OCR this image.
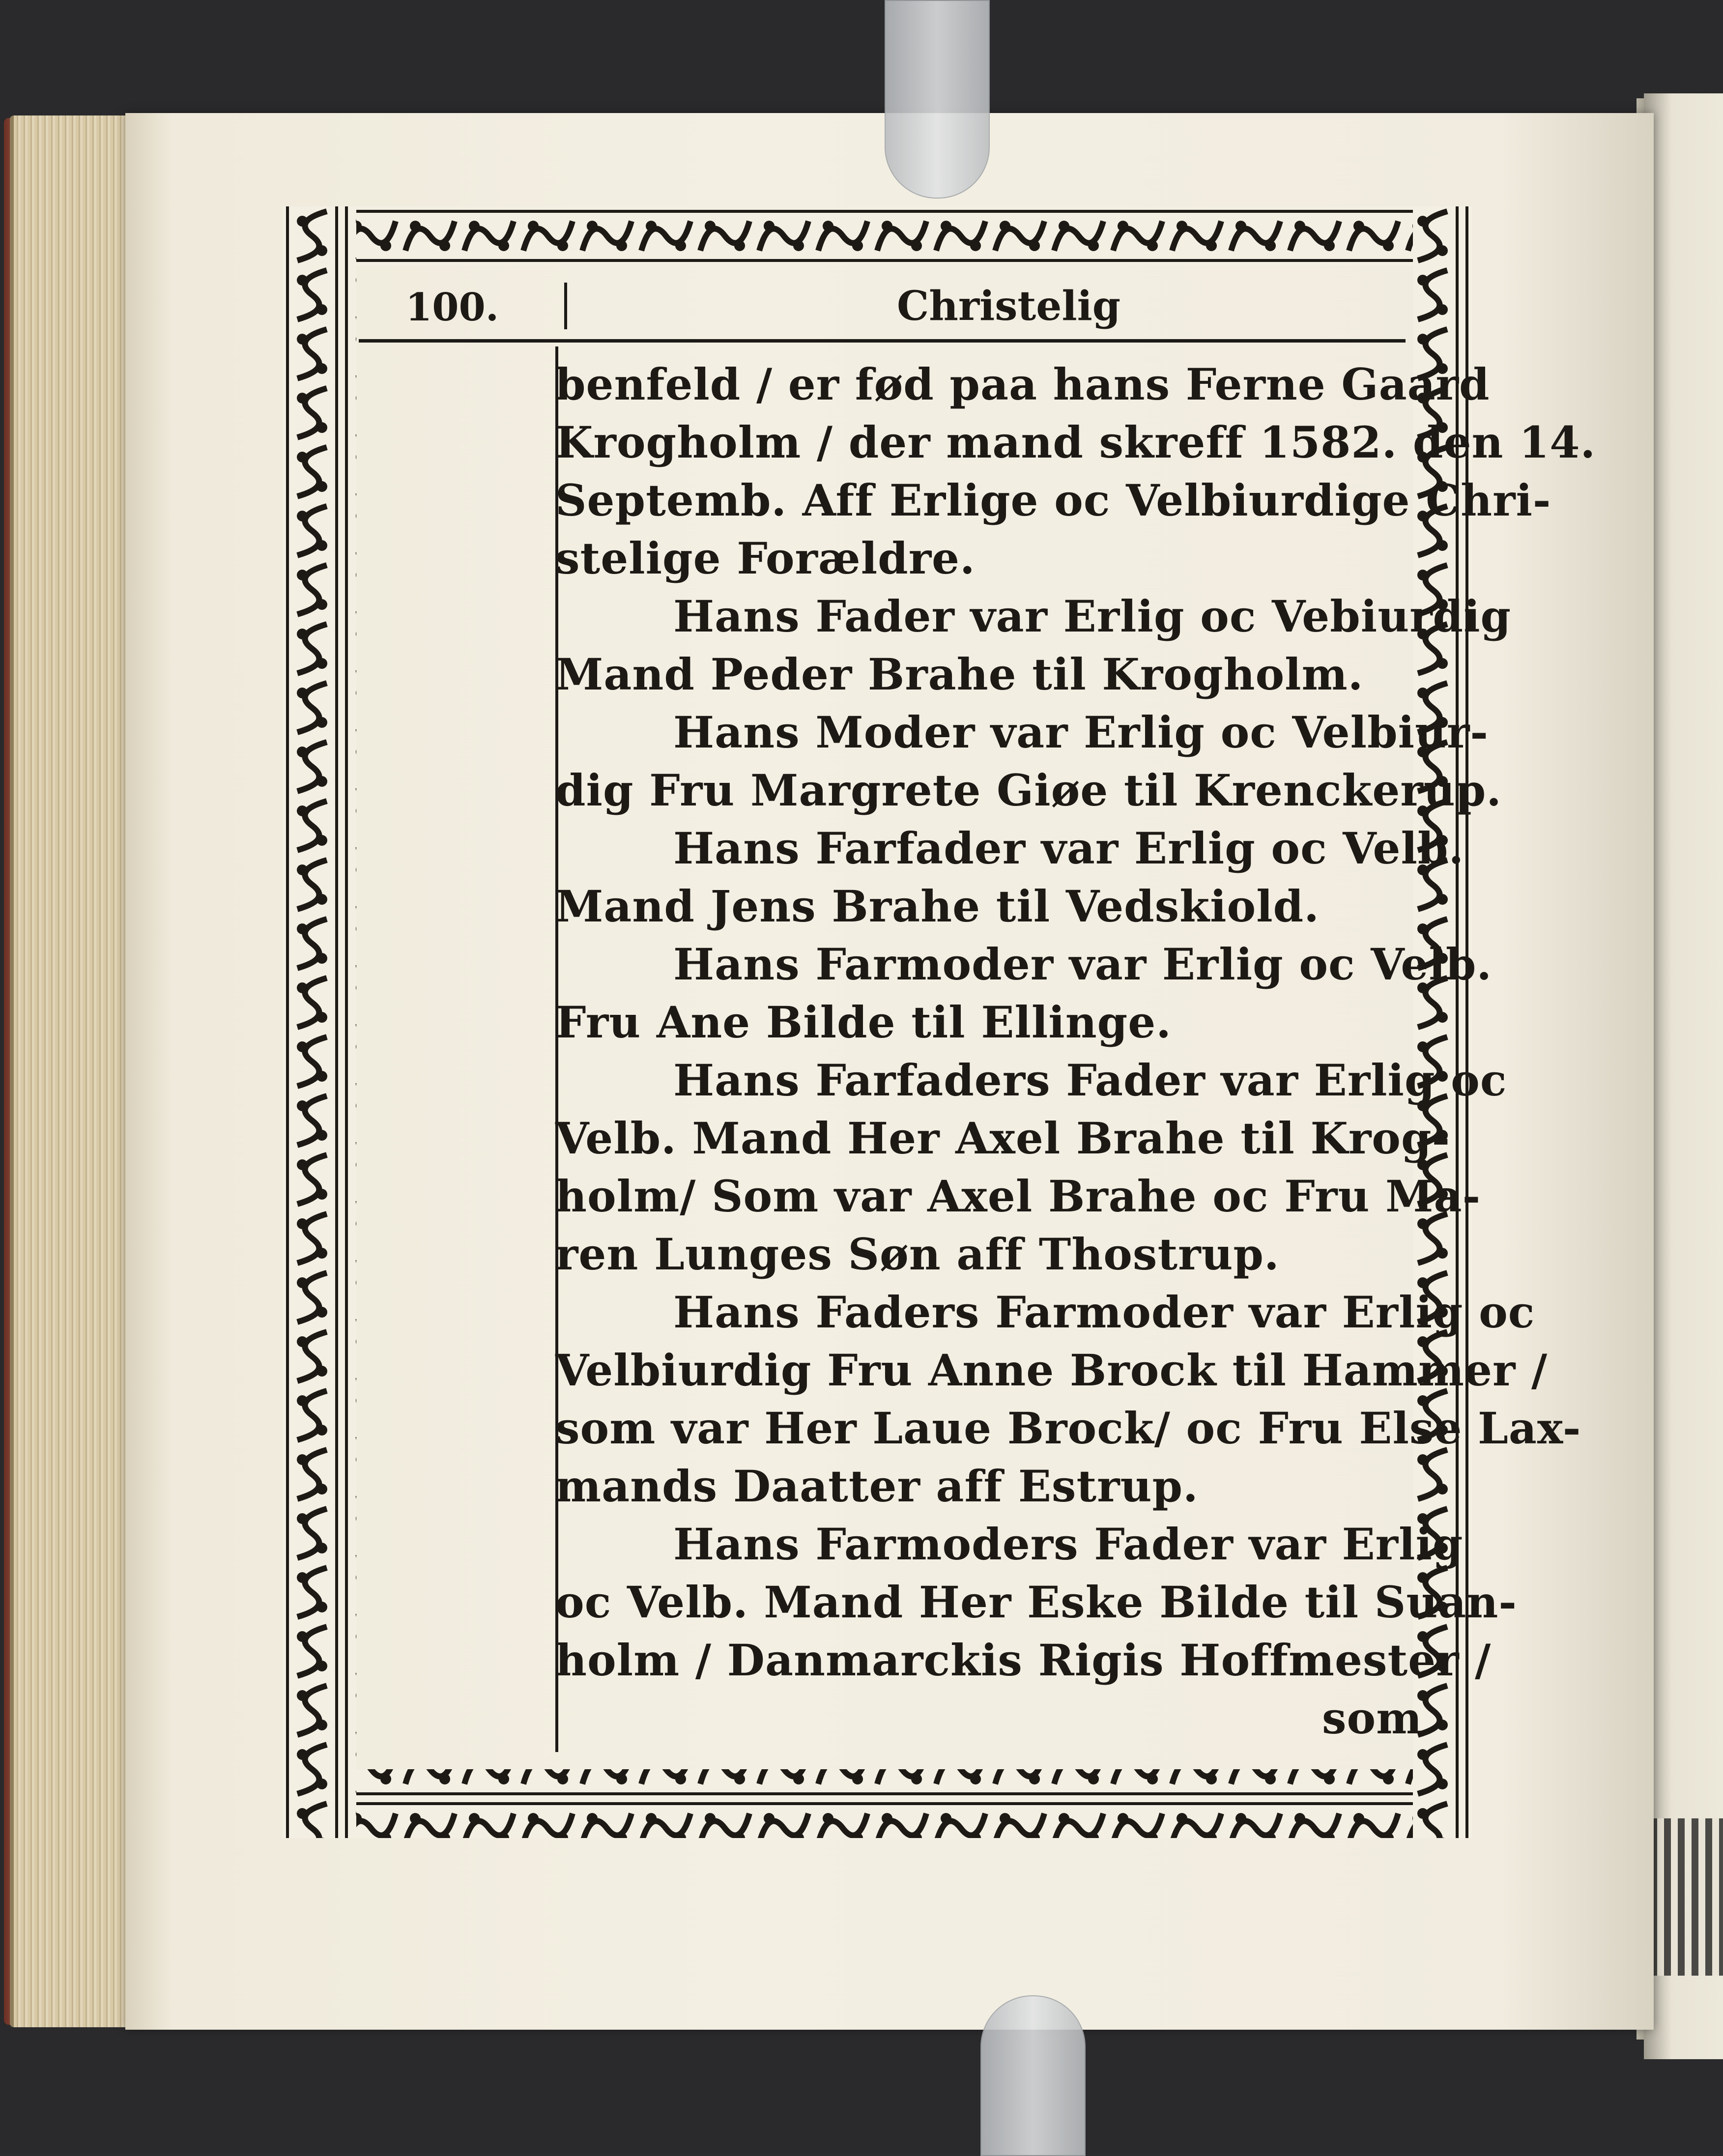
100.	Christelig
benfeld / er fød paa hans Ferne Gaard
Krogholm / der mand skreff 1582. den 14.
Septemb. Aff Erlige oc Velbiurdige Chri-
stelige Forældre.
Hans Fader var Erlig oc Vebiurdig
Mand Peder Brahe til Krogholm.
Hans Moder var Erlig oc Velbiur-
dig Fru Margrete Giøe til Krenckerup.
Hans Farfader var Erlig oc Velb.
Mand Jens Brahe til Vedskiold.
Hans Farmoder var Erlig oc Velb.
Fru Ane Bilde til Ellinge.
Hans Farfaders Fader var Erlig oc
Velb. Mand Her Axel Brahe til Krog-
holm/ Som var Axel Brahe oc Fru Ma-
ren Lunges Søn aff Thostrup.
Hans Faders Farmoder var Erlig oc
Velbiurdig Fru Anne Brock til Hammer /
som var Her Laue Brock/ oc Fru Else Lax-
mands Daatter aff Estrup.
Hans Farmoders Fader var Erlig
oc Velb. Mand Her Eske Bilde til Suan-
holm / Danmarckis Rigis Hoffmester /
som
